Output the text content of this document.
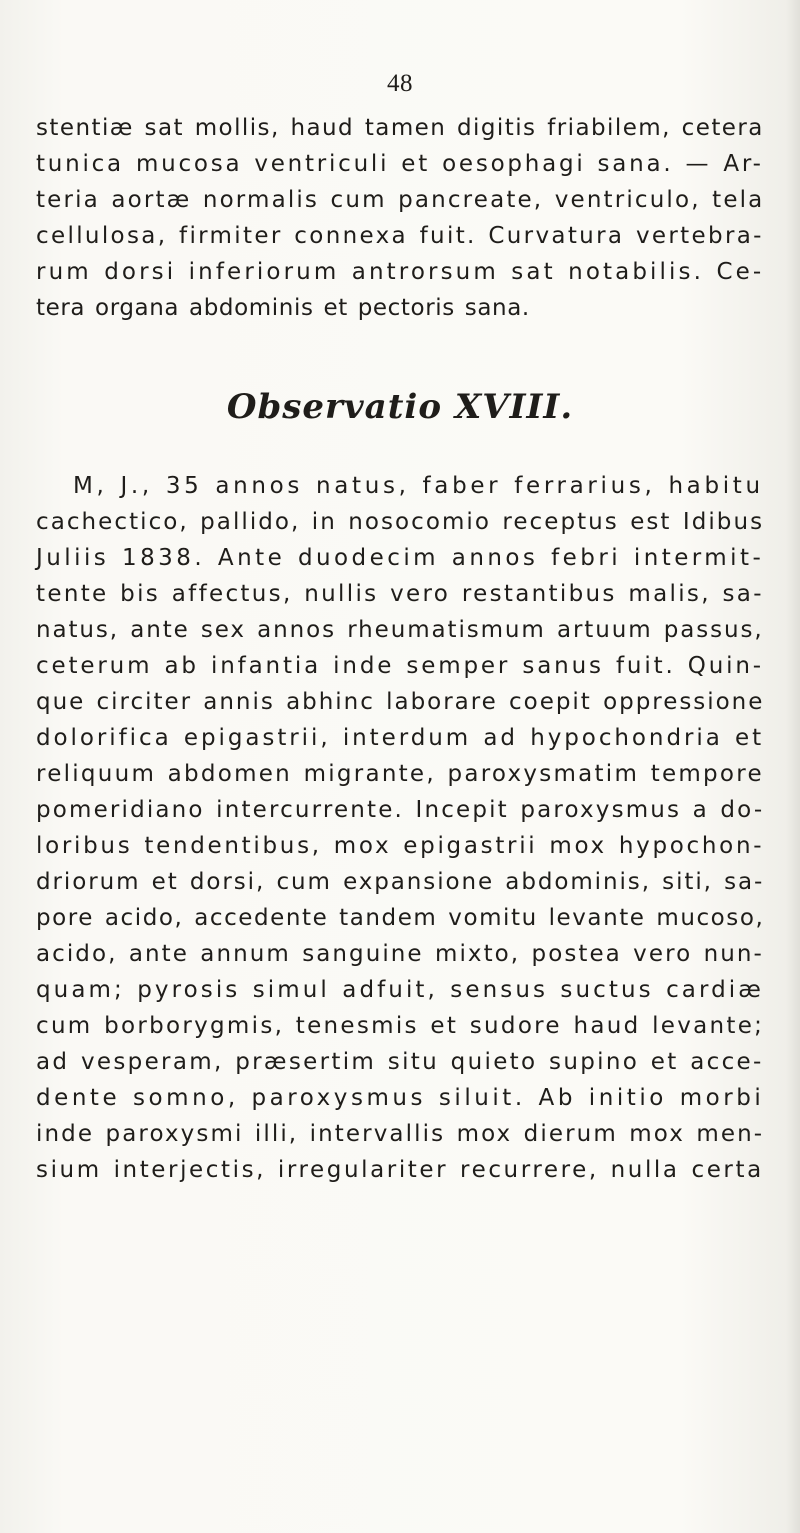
48
stentiæ sat mollis, haud tamen digitis friabilem, cetera
tunica mucosa ventriculi et oesophagi sana. — Ar-
teria aortæ normalis cum pancreate, ventriculo, tela
cellulosa, firmiter connexa fuit. Curvatura vertebra-
rum dorsi inferiorum antrorsum sat notabilis. Ce-
tera organa abdominis et pectoris sana.
Observatio XVIII.
M, J., 35 annos natus, faber ferrarius, habitu
cachectico, pallido, in nosocomio receptus est Idibus
Juliis 1838. Ante duodecim annos febri intermit-
tente bis affectus, nullis vero restantibus malis, sa-
natus, ante sex annos rheumatismum artuum passus,
ceterum ab infantia inde semper sanus fuit. Quin-
que circiter annis abhinc laborare coepit oppressione
dolorifica epigastrii, interdum ad hypochondria et
reliquum abdomen migrante, paroxysmatim tempore
pomeridiano intercurrente. Incepit paroxysmus a do-
loribus tendentibus, mox epigastrii mox hypochon-
driorum et dorsi, cum expansione abdominis, siti, sa-
pore acido, accedente tandem vomitu levante mucoso,
acido, ante annum sanguine mixto, postea vero nun-
quam; pyrosis simul adfuit, sensus suctus cardiæ
cum borborygmis, tenesmis et sudore haud levante;
ad vesperam, præsertim situ quieto supino et acce-
dente somno, paroxysmus siluit. Ab initio morbi
inde paroxysmi illi, intervallis mox dierum mox men-
sium interjectis, irregulariter recurrere, nulla certa
